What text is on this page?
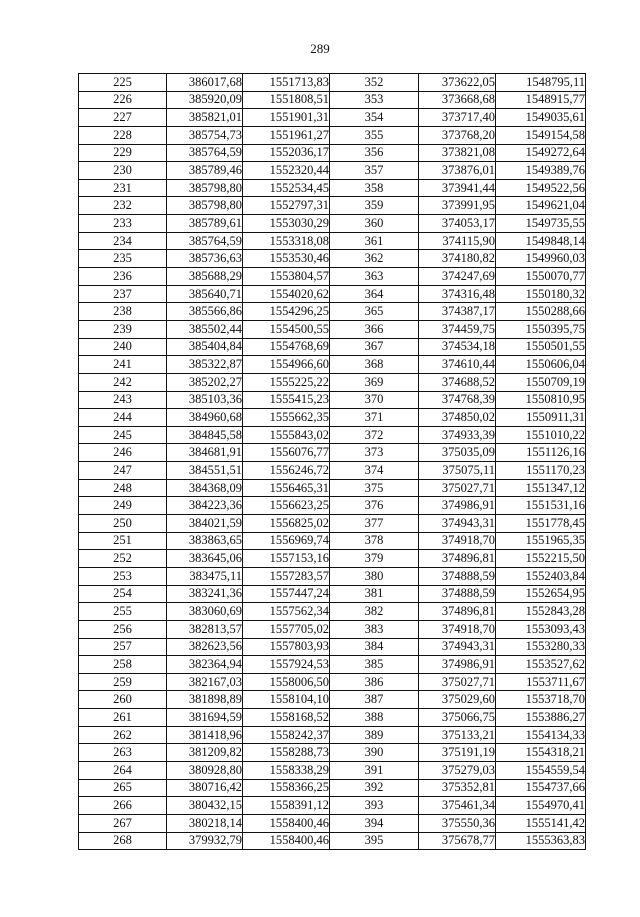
289
225	386017,68	1551713,83	352	373622,05	1548795,11
226	385920,09	1551808,51	353	373668,68	1548915,77
227	385821,01	1551901,31	354	373717,40	1549035,61
228	385754,73	1551961,27	355	373768,20	1549154,58
229	385764,59	1552036,17	356	373821,08	1549272,64
230	385789,46	1552320,44	357	373876,01	1549389,76
231	385798,80	1552534,45	358	373941,44	1549522,56
232	385798,80	1552797,31	359	373991,95	1549621,04
233	385789,61	1553030,29	360	374053,17	1549735,55
234	385764,59	1553318,08	361	374115,90	1549848,14
235	385736,63	1553530,46	362	374180,82	1549960,03
236	385688,29	1553804,57	363	374247,69	1550070,77
237	385640,71	1554020,62	364	374316,48	1550180,32
238	385566,86	1554296,25	365	374387,17	1550288,66
239	385502,44	1554500,55	366	374459,75	1550395,75
240	385404,84	1554768,69	367	374534,18	1550501,55
241	385322,87	1554966,60	368	374610,44	1550606,04
242	385202,27	1555225,22	369	374688,52	1550709,19
243	385103,36	1555415,23	370	374768,39	1550810,95
244	384960,68	1555662,35	371	374850,02	1550911,31
245	384845,58	1555843,02	372	374933,39	1551010,22
246	384681,91	1556076,77	373	375035,09	1551126,16
247	384551,51	1556246,72	374	375075,11	1551170,23
248	384368,09	1556465,31	375	375027,71	1551347,12
249	384223,36	1556623,25	376	374986,91	1551531,16
250	384021,59	1556825,02	377	374943,31	1551778,45
251	383863,65	1556969,74	378	374918,70	1551965,35
252	383645,06	1557153,16	379	374896,81	1552215,50
253	383475,11	1557283,57	380	374888,59	1552403,84
254	383241,36	1557447,24	381	374888,59	1552654,95
255	383060,69	1557562,34	382	374896,81	1552843,28
256	382813,57	1557705,02	383	374918,70	1553093,43
257	382623,56	1557803,93	384	374943,31	1553280,33
258	382364,94	1557924,53	385	374986,91	1553527,62
259	382167,03	1558006,50	386	375027,71	1553711,67
260	381898,89	1558104,10	387	375029,60	1553718,70
261	381694,59	1558168,52	388	375066,75	1553886,27
262	381418,96	1558242,37	389	375133,21	1554134,33
263	381209,82	1558288,73	390	375191,19	1554318,21
264	380928,80	1558338,29	391	375279,03	1554559,54
265	380716,42	1558366,25	392	375352,81	1554737,66
266	380432,15	1558391,12	393	375461,34	1554970,41
267	380218,14	1558400,46	394	375550,36	1555141,42
268	379932,79	1558400,46	395	375678,77	1555363,83
